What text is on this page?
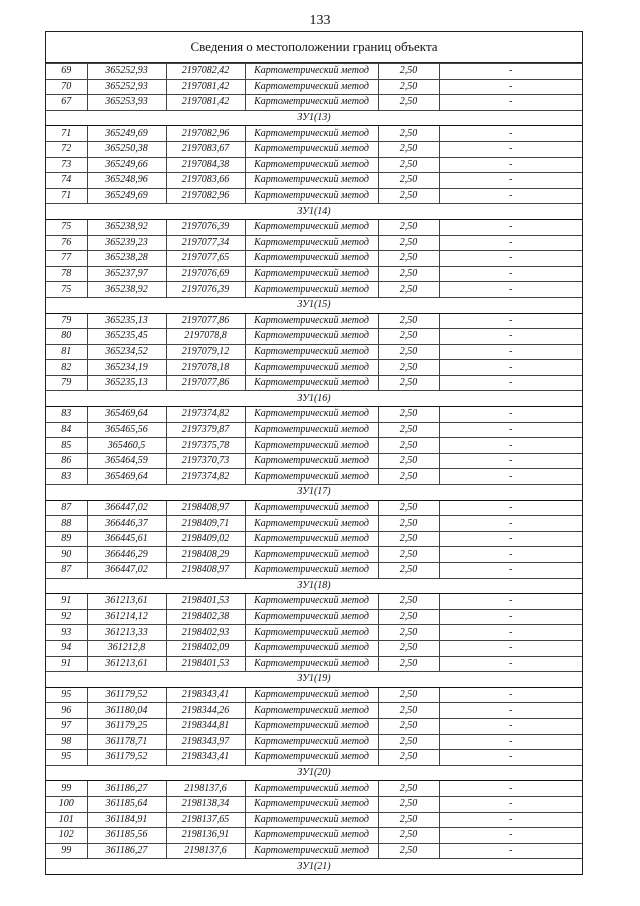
133
Сведения о местоположении границ объекта
69	365252,93	2197082,42	Картометрический метод	2,50	-
70	365252,93	2197081,42	Картометрический метод	2,50	-
67	365253,93	2197081,42	Картометрический метод	2,50	-
ЗУ1(13)					
71	365249,69	2197082,96	Картометрический метод	2,50	-
72	365250,38	2197083,67	Картометрический метод	2,50	-
73	365249,66	2197084,38	Картометрический метод	2,50	-
74	365248,96	2197083,66	Картометрический метод	2,50	-
71	365249,69	2197082,96	Картометрический метод	2,50	-
ЗУ1(14)					
75	365238,92	2197076,39	Картометрический метод	2,50	-
76	365239,23	2197077,34	Картометрический метод	2,50	-
77	365238,28	2197077,65	Картометрический метод	2,50	-
78	365237,97	2197076,69	Картометрический метод	2,50	-
75	365238,92	2197076,39	Картометрический метод	2,50	-
ЗУ1(15)					
79	365235,13	2197077,86	Картометрический метод	2,50	-
80	365235,45	2197078,8	Картометрический метод	2,50	-
81	365234,52	2197079,12	Картометрический метод	2,50	-
82	365234,19	2197078,18	Картометрический метод	2,50	-
79	365235,13	2197077,86	Картометрический метод	2,50	-
ЗУ1(16)					
83	365469,64	2197374,82	Картометрический метод	2,50	-
84	365465,56	2197379,87	Картометрический метод	2,50	-
85	365460,5	2197375,78	Картометрический метод	2,50	-
86	365464,59	2197370,73	Картометрический метод	2,50	-
83	365469,64	2197374,82	Картометрический метод	2,50	-
ЗУ1(17)					
87	366447,02	2198408,97	Картометрический метод	2,50	-
88	366446,37	2198409,71	Картометрический метод	2,50	-
89	366445,61	2198409,02	Картометрический метод	2,50	-
90	366446,29	2198408,29	Картометрический метод	2,50	-
87	366447,02	2198408,97	Картометрический метод	2,50	-
ЗУ1(18)					
91	361213,61	2198401,53	Картометрический метод	2,50	-
92	361214,12	2198402,38	Картометрический метод	2,50	-
93	361213,33	2198402,93	Картометрический метод	2,50	-
94	361212,8	2198402,09	Картометрический метод	2,50	-
91	361213,61	2198401,53	Картометрический метод	2,50	-
ЗУ1(19)					
95	361179,52	2198343,41	Картометрический метод	2,50	-
96	361180,04	2198344,26	Картометрический метод	2,50	-
97	361179,25	2198344,81	Картометрический метод	2,50	-
98	361178,71	2198343,97	Картометрический метод	2,50	-
95	361179,52	2198343,41	Картометрический метод	2,50	-
ЗУ1(20)					
99	361186,27	2198137,6	Картометрический метод	2,50	-
100	361185,64	2198138,34	Картометрический метод	2,50	-
101	361184,91	2198137,65	Картометрический метод	2,50	-
102	361185,56	2198136,91	Картометрический метод	2,50	-
99	361186,27	2198137,6	Картометрический метод	2,50	-
ЗУ1(21)					
